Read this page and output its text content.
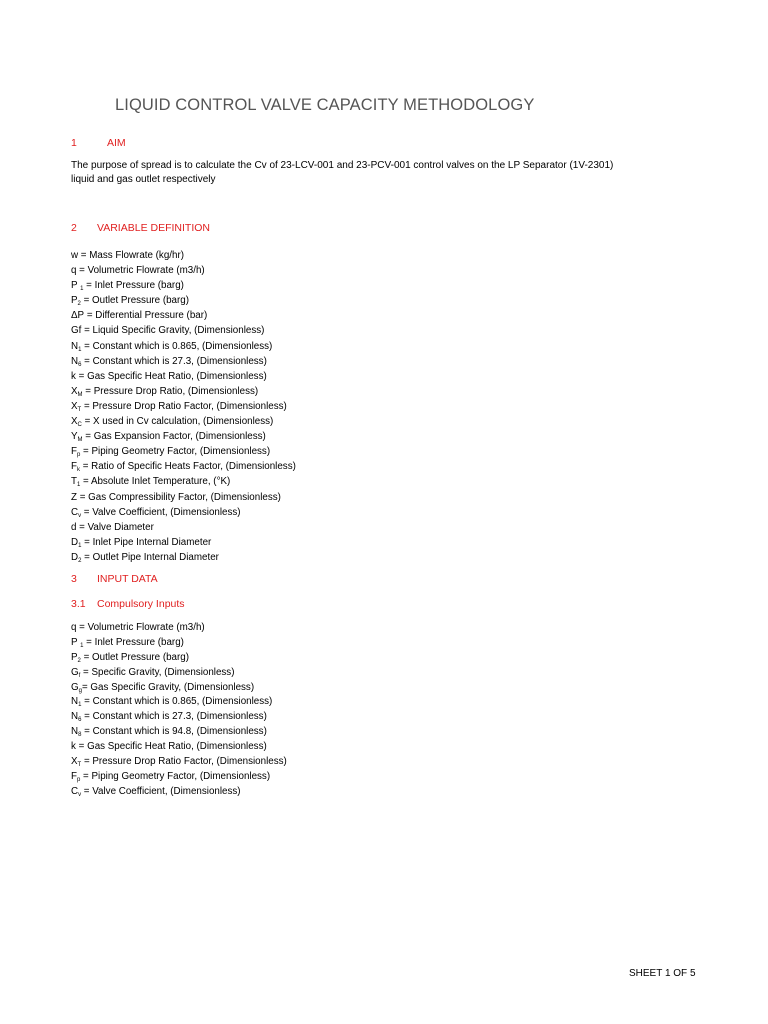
LIQUID CONTROL VALVE CAPACITY METHODOLOGY
1	AIM
The purpose of spread is to calculate the Cv of 23-LCV-001 and 23-PCV-001 control valves on the LP Separator (1V-2301)
liquid and gas outlet respectively
2 VARIABLE DEFINITION
w = Mass Flowrate (kg/hr)
q = Volumetric Flowrate (m3/h)
P $_1$ = Inlet Pressure (barg)
$P_2$ = Outlet Pressure (barg)
ΔP = Differential Pressure (bar)
Gf = Liquid Specific Gravity, (Dimensionless)
$N_1$ = Constant which is 0.865, (Dimensionless)
$N_6$ = Constant which is 27.3, (Dimensionless)
k = Gas Specific Heat Ratio, (Dimensionless)
$X_M$ = Pressure Drop Ratio, (Dimensionless)
$X_T$ = Pressure Drop Ratio Factor, (Dimensionless)
$X_C = X$ used in Cv calculation, (Dimensionless)
$Y_M$ = Gas Expansion Factor, (Dimensionless)
$F_p$ = Piping Geometry Factor, (Dimensionless)
$F_k$ = Ratio of Specific Heats Factor, (Dimensionless)
$T_1$ = Absolute Inlet Temperature, (°K)
Z = Gas Compressibility Factor, (Dimensionless)
$C_v$ = Valve Coefficient, (Dimensionless)
d = Valve Diameter
$D_1$ = Inlet Pipe Internal Diameter
$D_2$ = Outlet Pipe Internal Diameter
3 INPUT DATA
3.1 Compulsory Inputs
q = Volumetric Flowrate (m3/h)
P $_1$ = Inlet Pressure (barg)
$P_2$ = Outlet Pressure (barg)
$G_f$ = Specific Gravity, (Dimensionless)
$G_g=$ Gas Specific Gravity, (Dimensionless)
$N_1$ = Constant which is 0.865, (Dimensionless)
$N_6$ = Constant which is 27.3, (Dimensionless)
$N_8$ = Constant which is 94.8, (Dimensionless)
k = Gas Specific Heat Ratio, (Dimensionless)
$X_T$ = Pressure Drop Ratio Factor, (Dimensionless)
$F_p$ = Piping Geometry Factor, (Dimensionless)
$C_v$ = Valve Coefficient, (Dimensionless)
SHEET 1 OF 5
